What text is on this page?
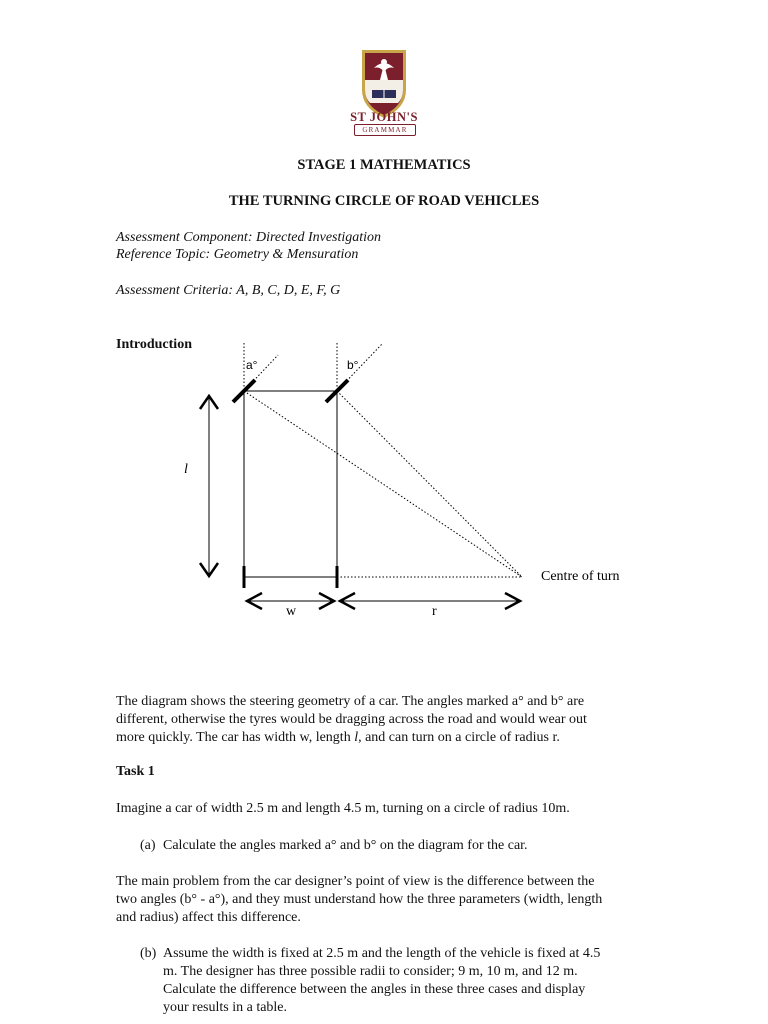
ST JOHN'S
GRAMMAR
STAGE 1 MATHEMATICS
THE TURNING CIRCLE OF ROAD VEHICLES
Assessment Component: Directed Investigation
Reference Topic: Geometry & Mensuration
Assessment Criteria: A, B, C, D, E, F, G
Introduction
a°	b°
l
w	r
Centre of turn
The diagram shows the steering geometry of a car. The angles marked a° and b° are
different, otherwise the tyres would be dragging across the road and would wear out
more quickly. The car has width w, length l, and can turn on a circle of radius r.
Task 1
Imagine a car of width 2.5 m and length 4.5 m, turning on a circle of radius 10m.
(a) Calculate the angles marked a° and b° on the diagram for the car.
The main problem from the car designer’s point of view is the difference between the
two angles (b° - a°), and they must understand how the three parameters (width, length
and radius) affect this difference.
(b) Assume the width is fixed at 2.5 m and the length of the vehicle is fixed at 4.5
m. The designer has three possible radii to consider; 9 m, 10 m, and 12 m.
Calculate the difference between the angles in these three cases and display
your results in a table.
